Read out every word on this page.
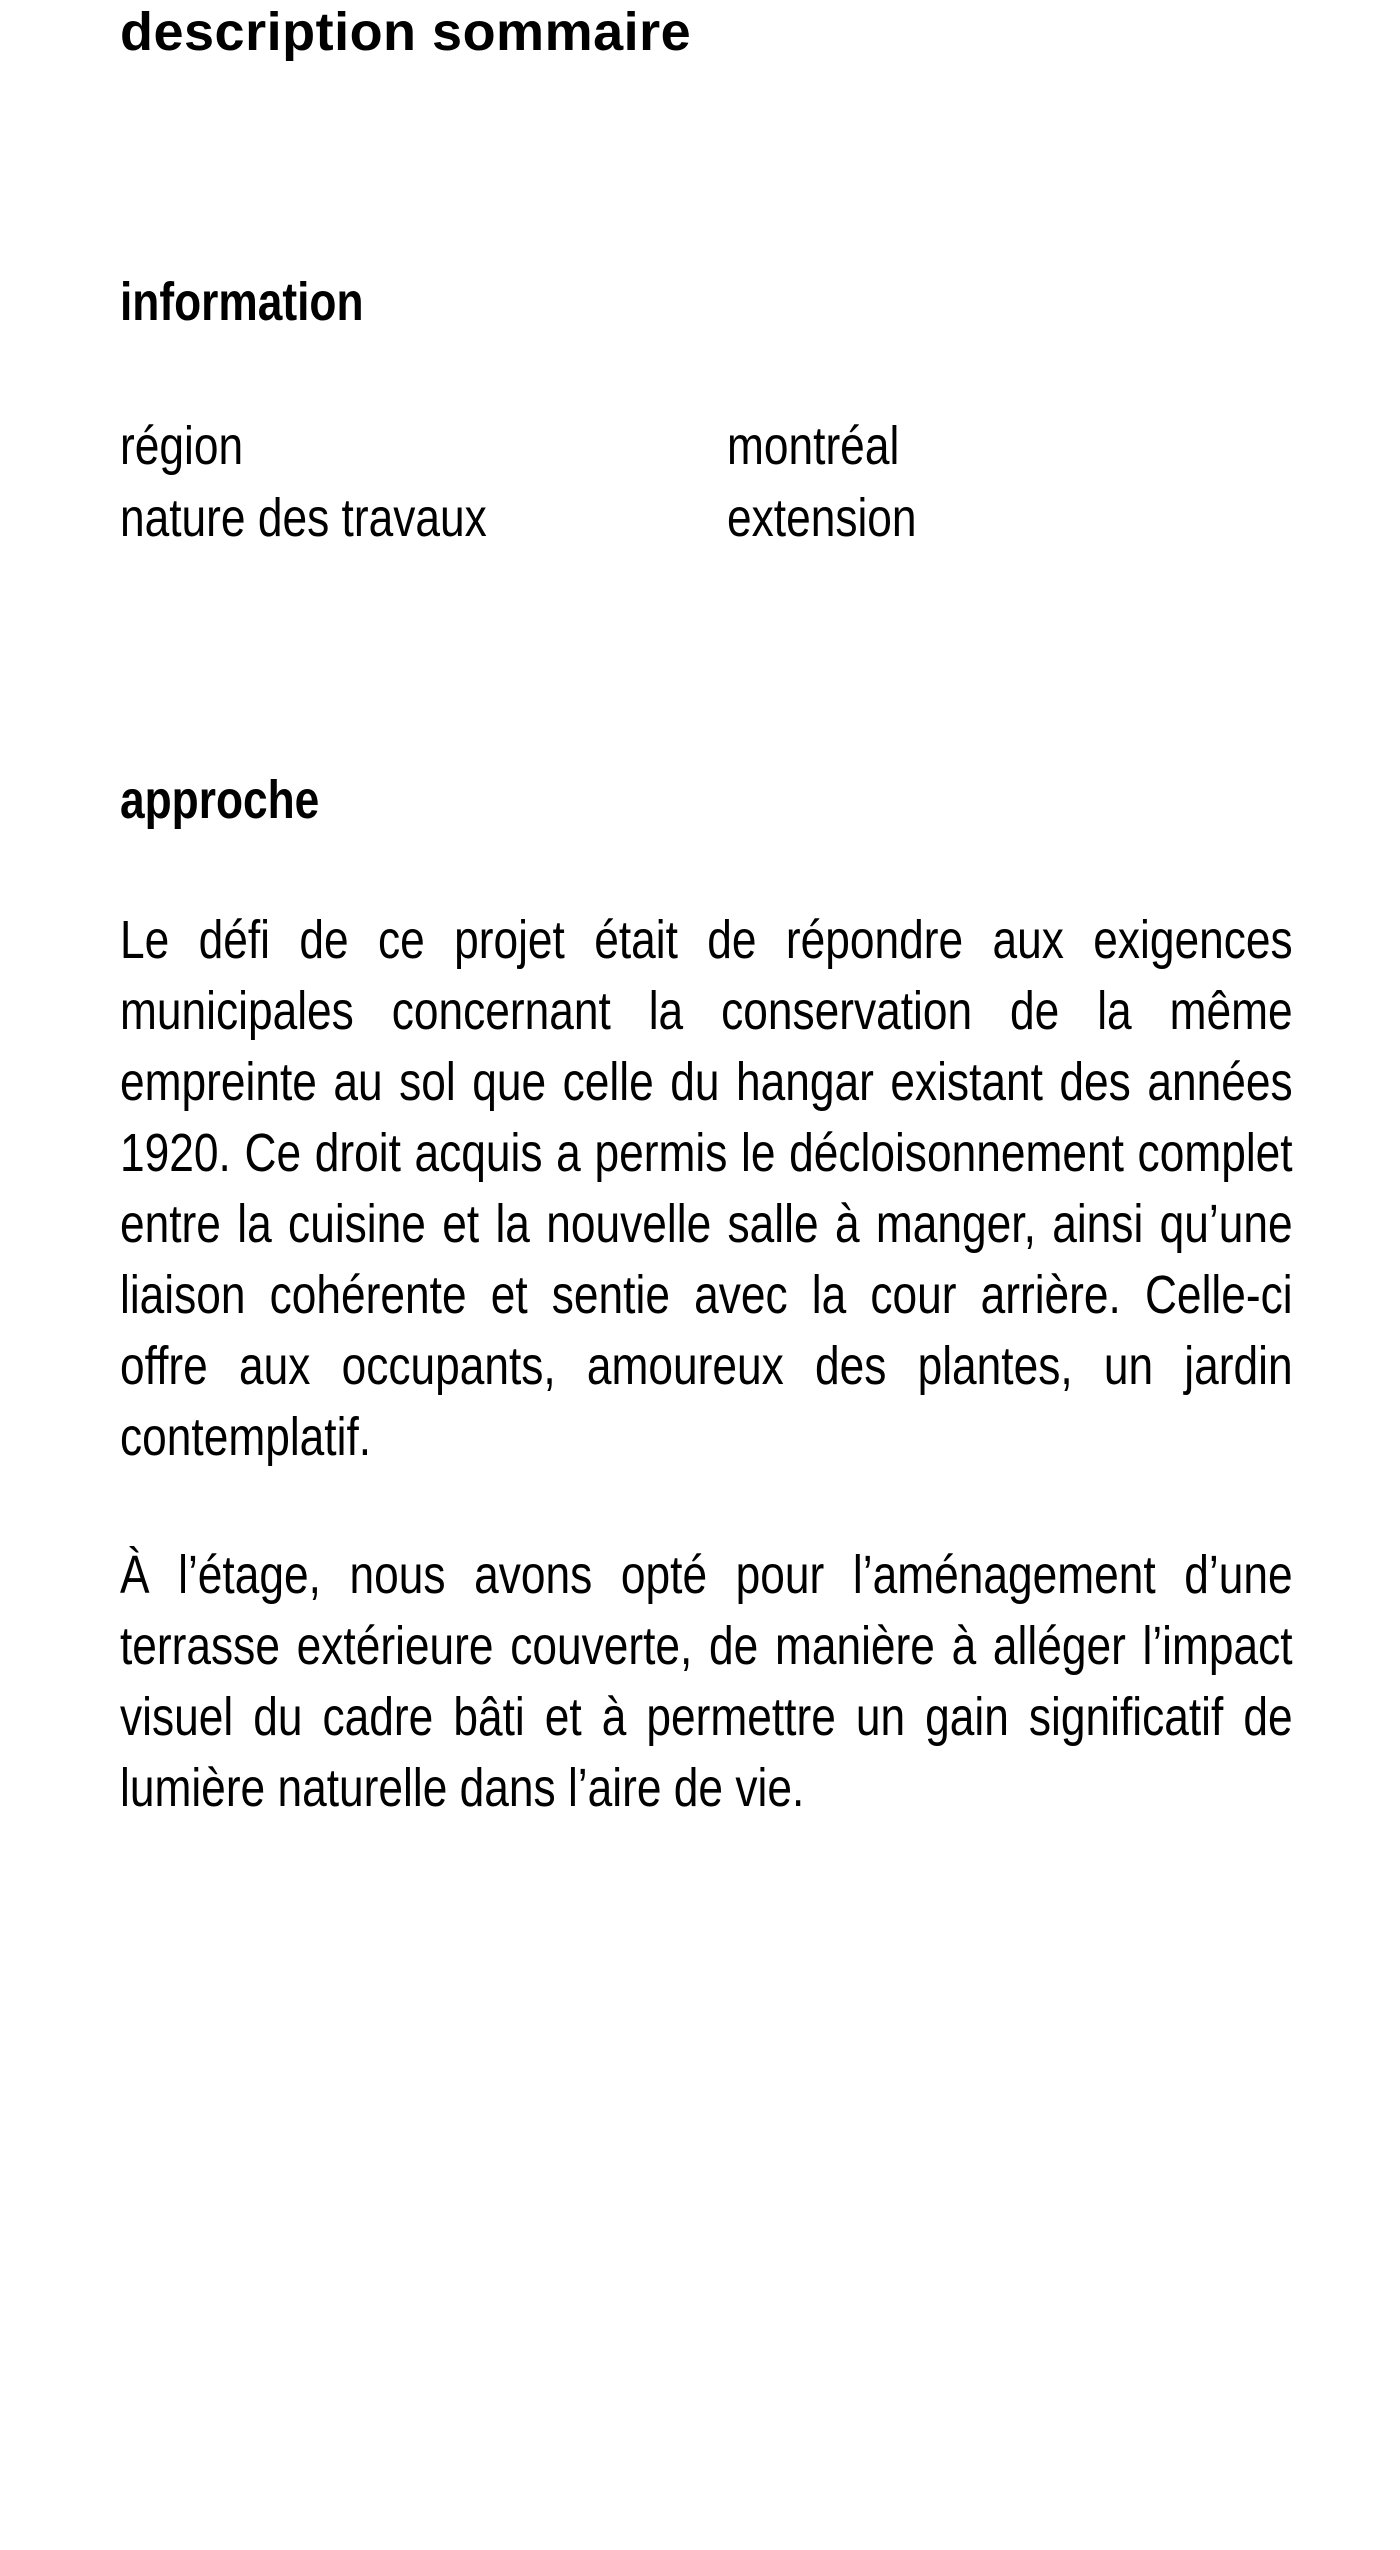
description sommaire
information
région	montréal
nature des travaux	extension
approche

Le défi de ce projet était de répondre aux exigences municipales concernant la conservation de la même empreinte au sol que celle du hangar existant des années 1920. Ce droit acquis a permis le décloisonnement complet entre la cuisine et la nouvelle salle à manger, ainsi qu’une liaison cohérente et sentie avec la cour arrière. Celle-ci offre aux occupants, amoureux des plantes, un jardin contemplatif.

À l’étage, nous avons opté pour l’aménagement d’une terrasse extérieure couverte, de manière à alléger l’impact visuel du cadre bâti et à permettre un gain significatif de lumière naturelle dans l’aire de vie.
